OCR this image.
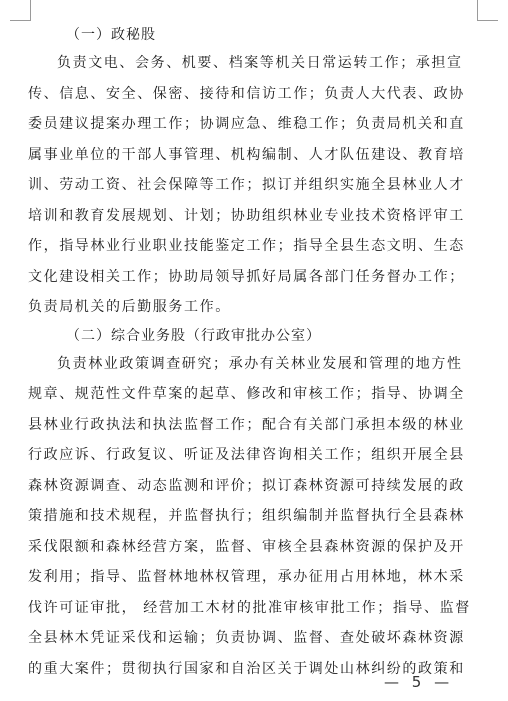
（一）政秘股
负责文电、会务、机要、档案等机关日常运转工作；承担宣
传、信息、安全、保密、接待和信访工作；负责人大代表、政协
委员建议提案办理工作；协调应急、维稳工作；负责局机关和直
属事业单位的干部人事管理、机构编制、人才队伍建设、教育培
训、劳动工资、社会保障等工作；拟订并组织实施全县林业人才
培训和教育发展规划、计划；协助组织林业专业技术资格评审工
作，指导林业行业职业技能鉴定工作；指导全县生态文明、生态
文化建设相关工作；协助局领导抓好局属各部门任务督办工作；
负责局机关的后勤服务工作。
（二）综合业务股（行政审批办公室）
负责林业政策调查研究；承办有关林业发展和管理的地方性
规章、规范性文件草案的起草、修改和审核工作；指导、协调全
县林业行政执法和执法监督工作；配合有关部门承担本级的林业
行政应诉、行政复议、听证及法律咨询相关工作；组织开展全县
森林资源调查、动态监测和评价；拟订森林资源可持续发展的政
策措施和技术规程，并监督执行；组织编制并监督执行全县森林
采伐限额和森林经营方案，监督、审核全县森林资源的保护及开
发利用；指导、监督林地林权管理，承办征用占用林地，林木采
伐许可证审批， 经营加工木材的批准审核审批工作；指导、监督
全县林木凭证采伐和运输；负责协调、监督、查处破坏森林资源
的重大案件；贯彻执行国家和自治区关于调处山林纠纷的政策和
— 5 —
